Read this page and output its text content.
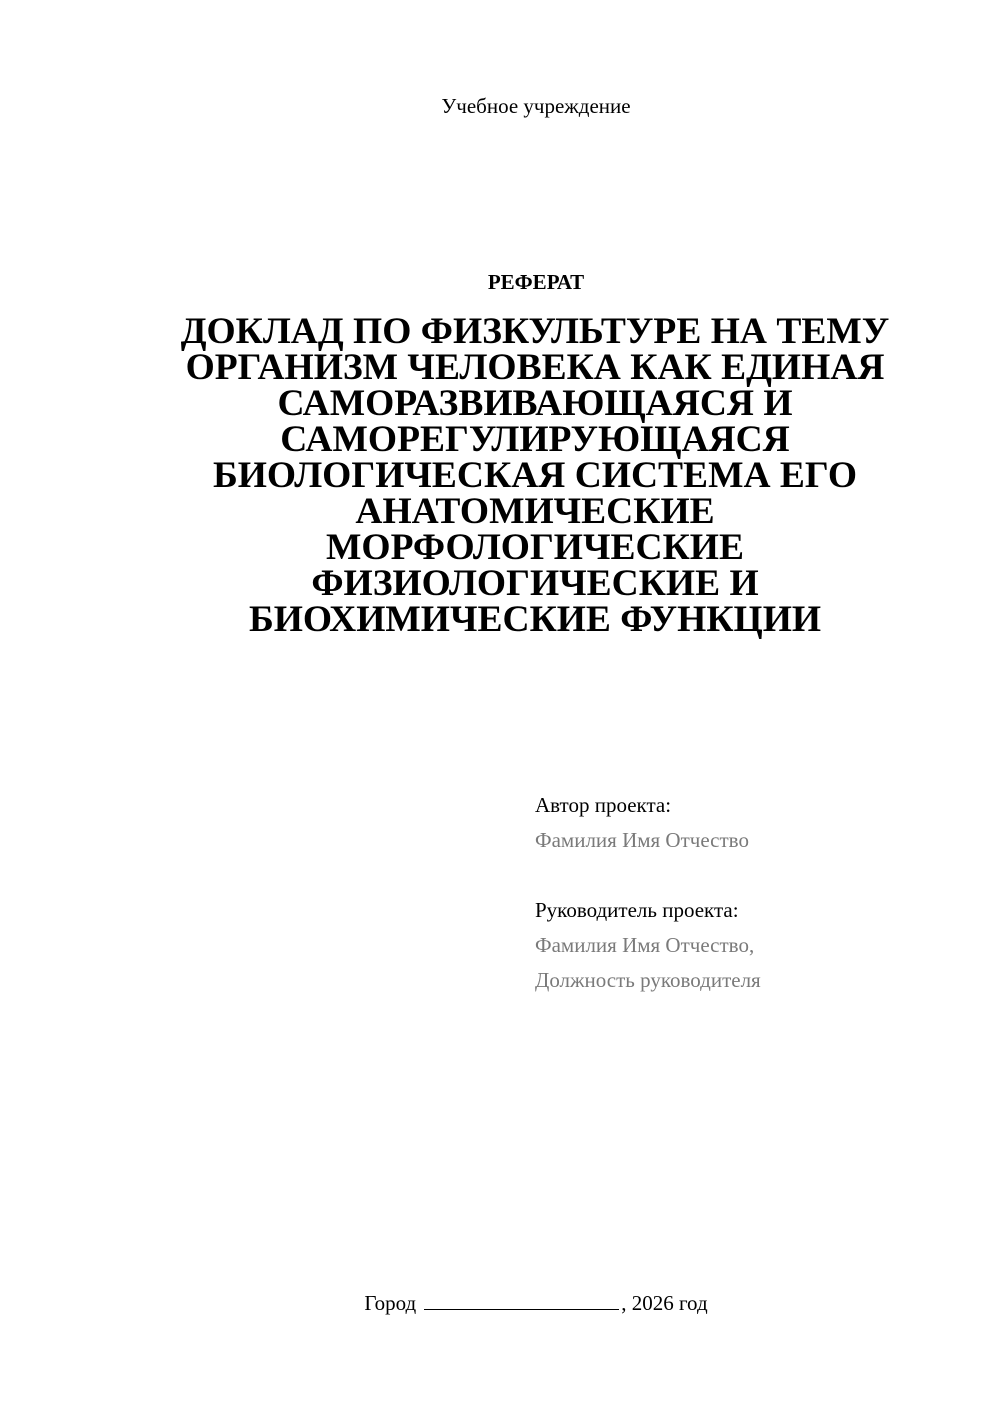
Учебное учреждение
РЕФЕРАТ
ДОКЛАД ПО ФИЗКУЛЬТУРЕ НА ТЕМУ
ОРГАНИЗМ ЧЕЛОВЕКА КАК ЕДИНАЯ
САМОРАЗВИВАЮЩАЯСЯ И
САМОРЕГУЛИРУЮЩАЯСЯ
БИОЛОГИЧЕСКАЯ СИСТЕМА ЕГО
АНАТОМИЧЕСКИЕ
МОРФОЛОГИЧЕСКИЕ
ФИЗИОЛОГИЧЕСКИЕ И
БИОХИМИЧЕСКИЕ ФУНКЦИИ
Автор проекта:
Фамилия Имя Отчество
Руководитель проекта:
Фамилия Имя Отчество,
Должность руководителя
Город	, 2026 год
